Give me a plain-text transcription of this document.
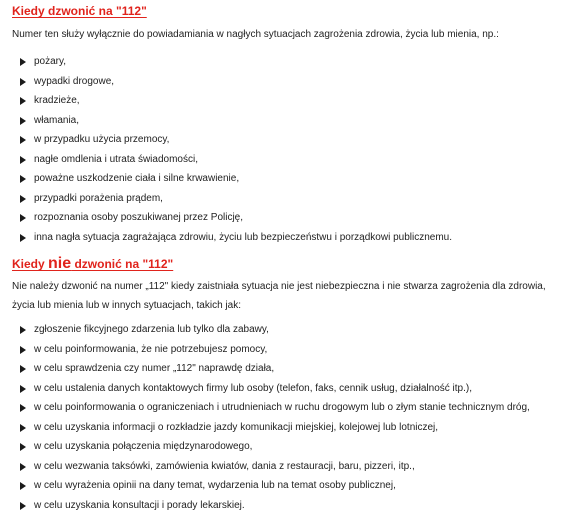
Kiedy dzwonić na "112"

Numer ten służy wyłącznie do powiadamiania w nagłych sytuacjach zagrożenia zdrowia, życia lub mienia, np.:

pożary,
wypadki drogowe,
kradzieże,
włamania,
w przypadku użycia przemocy,
nagłe omdlenia i utrata świadomości,
poważne uszkodzenie ciała i silne krwawienie,
przypadki porażenia prądem,
rozpoznania osoby poszukiwanej przez Policję,
inna nagła sytuacja zagrażająca zdrowiu, życiu lub bezpieczeństwu i porządkowi publicznemu.
Kiedy nie dzwonić na "112"

Nie należy dzwonić na numer „112" kiedy zaistniała sytuacja nie jest niebezpieczna i nie stwarza zagrożenia dla zdrowia, życia lub mienia lub w innych sytuacjach, takich jak:

zgłoszenie fikcyjnego zdarzenia lub tylko dla zabawy,
w celu poinformowania, że nie potrzebujesz pomocy,
w celu sprawdzenia czy numer „112" naprawdę działa,
w celu ustalenia danych kontaktowych firmy lub osoby (telefon, faks, cennik usług, działalność itp.),
w celu poinformowania o ograniczeniach i utrudnieniach w ruchu drogowym lub o złym stanie technicznym dróg,
w celu uzyskania informacji o rozkładzie jazdy komunikacji miejskiej, kolejowej lub lotniczej,
w celu uzyskania połączenia międzynarodowego,
w celu wezwania taksówki, zamówienia kwiatów, dania z restauracji, baru, pizzeri, itp.,
w celu wyrażenia opinii na dany temat, wydarzenia lub na temat osoby publicznej,
w celu uzyskania konsultacji i porady lekarskiej.
